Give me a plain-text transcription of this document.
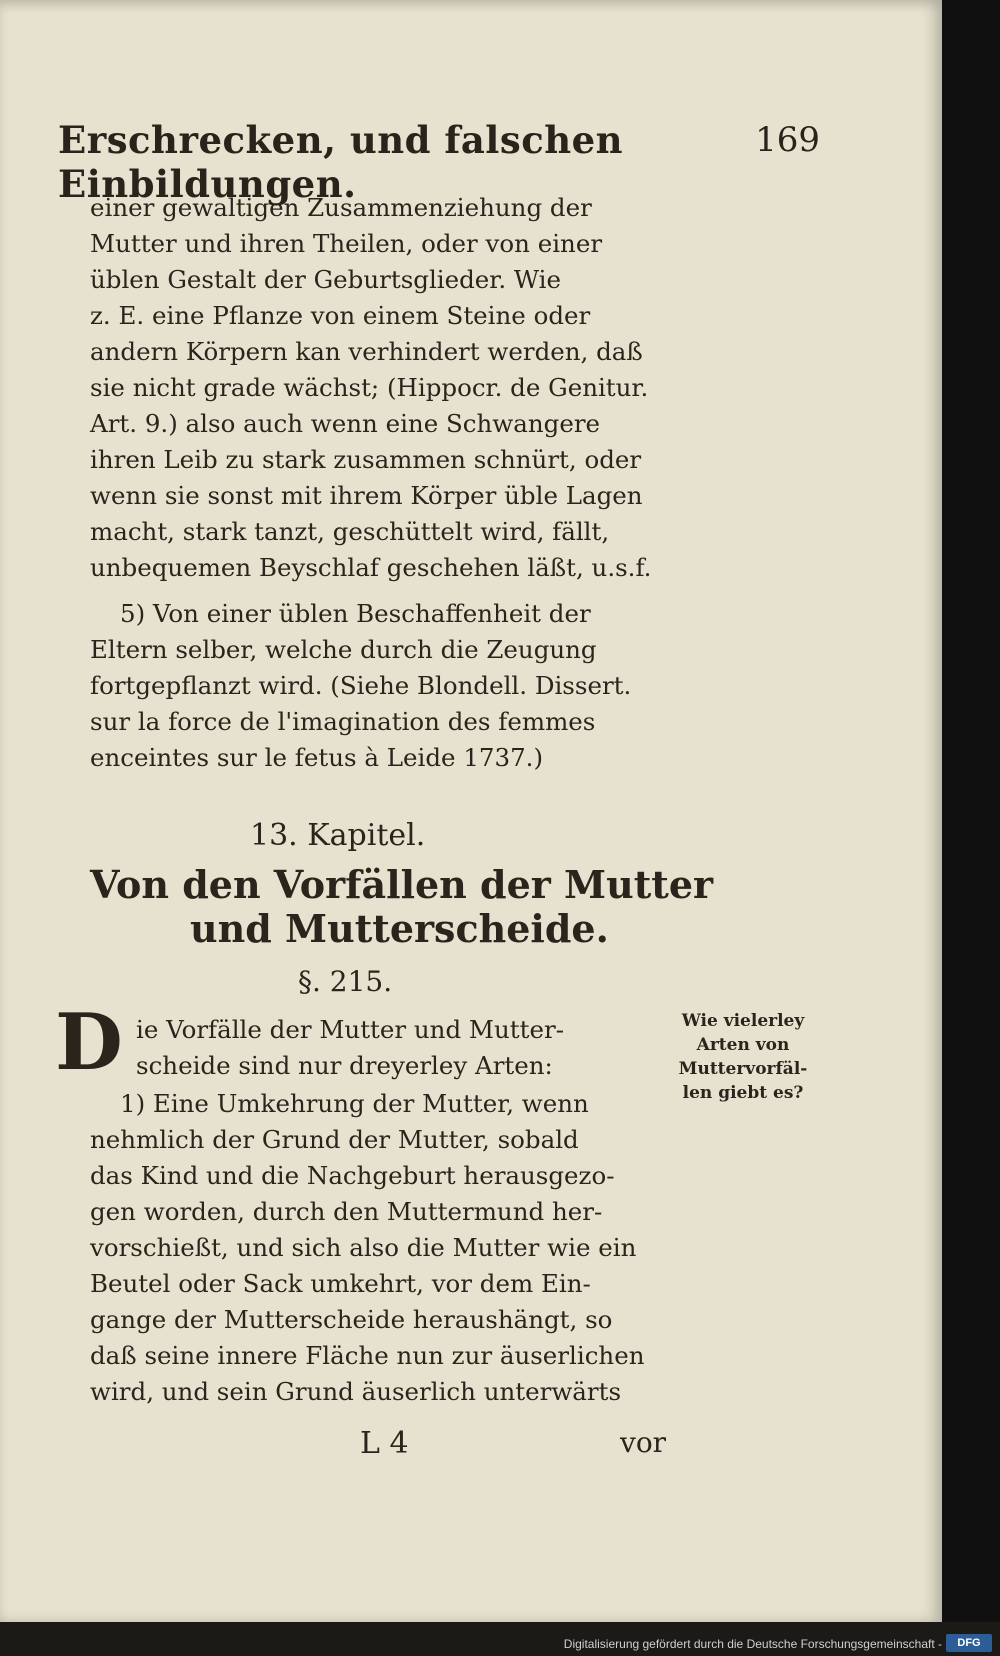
Erschrecken, und falschen Einbildungen.
169
einer gewaltigen Zusammenziehung der
Mutter und ihren Theilen, oder von einer
üblen Gestalt der Geburtsglieder. Wie
z. E. eine Pflanze von einem Steine oder
andern Körpern kan verhindert werden, daß
sie nicht grade wächst; (Hippocr. de Genitur.
Art. 9.) also auch wenn eine Schwangere
ihren Leib zu stark zusammen schnürt, oder
wenn sie sonst mit ihrem Körper üble Lagen
macht, stark tanzt, geschüttelt wird, fällt,
unbequemen Beyschlaf geschehen läßt, u.s.f.
5) Von einer üblen Beschaffenheit der
Eltern selber, welche durch die Zeugung
fortgepflanzt wird. (Siehe Blondell. Dissert.
sur la force de l'imagination des femmes
enceintes sur le fetus à Leide 1737.)
13. Kapitel.
Von den Vorfällen der Mutter
und Mutterscheide.
§. 215.
D ie Vorfälle der Mutter und Mutter-
scheide sind nur dreyerley Arten:
1) Eine Umkehrung der Mutter, wenn
nehmlich der Grund der Mutter, sobald
das Kind und die Nachgeburt herausgezo-
gen worden, durch den Muttermund her-
vorschießt, und sich also die Mutter wie ein
Beutel oder Sack umkehrt, vor dem Ein-
gange der Mutterscheide heraushängt, so
daß seine innere Fläche nun zur äuserlichen
wird, und sein Grund äuserlich unterwärts
Wie vielerley
Arten von
Muttervorfäl-
len giebt es?
L 4	vor
Digitalisierung gefördert durch die Deutsche Forschungsgemeinschaft -	DFG
